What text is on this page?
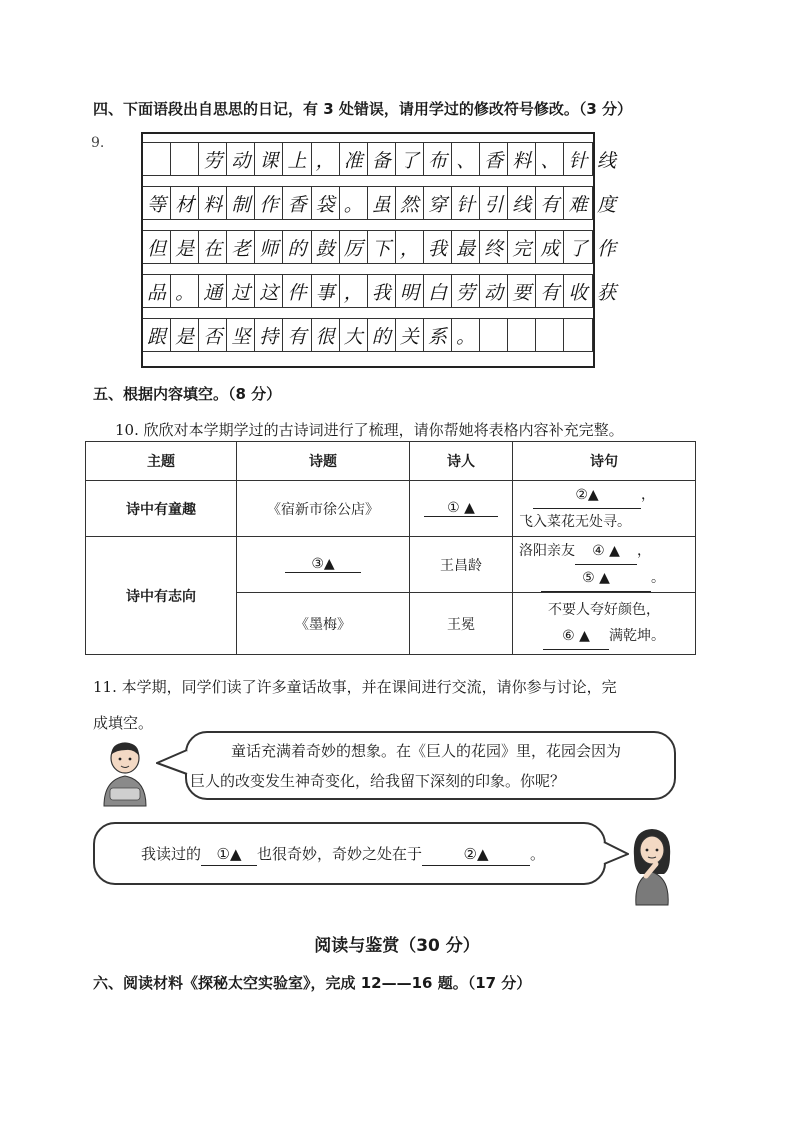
四、下面语段出自思思的日记，有 3 处错误，请用学过的修改符号修改。（3 分）
9.
劳 动 课 上 ， 准 备 了 布 、 香 料 、 针 线
等 材 料 制 作 香 袋 。 虽 然 穿 针 引 线 有 难 度
但 是 在 老 师 的 鼓 厉 下 ， 我 最 终 完 成 了 作
品 。 通 过 这 件 事 ， 我 明 白 劳 动 要 有 收 获
跟 是 否 坚 持 有 很 大 的 关 系 。
五、根据内容填空。（8 分）
10. 欣欣对本学期学过的古诗词进行了梳理，请你帮她将表格内容补充完整。
主题	诗题	诗人	诗句
诗中有童趣	《宿新市徐公店》	① ▲	②▲ ，
飞入菜花无处寻。
诗中有志向	③▲	王昌龄	洛阳亲友 ④ ▲ ，
⑤ ▲ 。
	《墨梅》	王冕	不要人夸好颜色，
⑥ ▲ 满乾坤。
11. 本学期，同学们读了许多童话故事，并在课间进行交流，请你参与讨论，完
成填空。
童话充满着奇妙的想象。在《巨人的花园》里，花园会因为
巨人的改变发生神奇变化，给我留下深刻的印象。你呢？
我读过的 ①▲ 也很奇妙，奇妙之处在于	②▲	。
阅读与鉴赏（30 分）
六、阅读材料《探秘太空实验室》，完成 12——16 题。（17 分）
